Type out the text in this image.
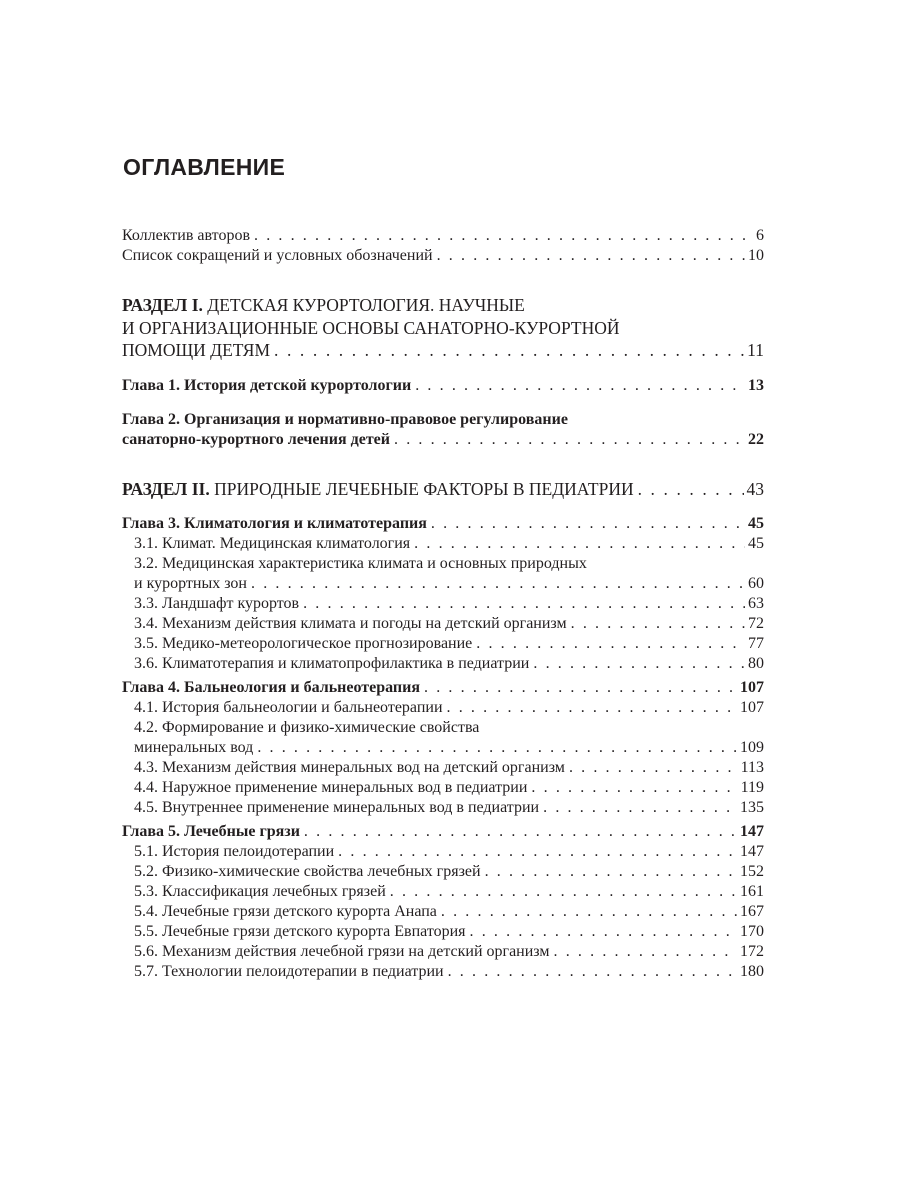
ОГЛАВЛЕНИЕ
Коллектив авторов . . .	6
Список сокращений и условных обозначений . . .	10
РАЗДЕЛ I. ДЕТСКАЯ КУРОРТОЛОГИЯ. НАУЧНЫЕ
И ОРГАНИЗАЦИОННЫЕ ОСНОВЫ САНАТОРНО-КУРОРТНОЙ
ПОМОЩИ ДЕТЯМ . . .	11
Глава 1. История детской курортологии . . .	13
Глава 2. Организация и нормативно-правовое регулирование
санаторно-курортного лечения детей . . .	22
РАЗДЕЛ II. ПРИРОДНЫЕ ЛЕЧЕБНЫЕ ФАКТОРЫ В ПЕДИАТРИИ . . .	43
Глава 3. Климатология и климатотерапия . . .	45
3.1. Климат. Медицинская климатология . . .	45
3.2. Медицинская характеристика климата и основных природных
и курортных зон . . .	60
3.3. Ландшафт курортов . . .	63
3.4. Механизм действия климата и погоды на детский организм . . .	72
3.5. Медико-метеорологическое прогнозирование . . .	77
3.6. Климатотерапия и климатопрофилактика в педиатрии . . .	80
Глава 4. Бальнеология и бальнеотерапия . . .	107
4.1. История бальнеологии и бальнеотерапии . . .	107
4.2. Формирование и физико-химические свойства
минеральных вод . . .	109
4.3. Механизм действия минеральных вод на детский организм . . .	113
4.4. Наружное применение минеральных вод в педиатрии . . .	119
4.5. Внутреннее применение минеральных вод в педиатрии . . .	135
Глава 5. Лечебные грязи . . .	147
5.1. История пелоидотерапии . . .	147
5.2. Физико-химические свойства лечебных грязей . . .	152
5.3. Классификация лечебных грязей . . .	161
5.4. Лечебные грязи детского курорта Анапа . . .	167
5.5. Лечебные грязи детского курорта Евпатория . . .	170
5.6. Механизм действия лечебной грязи на детский организм . . .	172
5.7. Технологии пелоидотерапии в педиатрии . . .	180
